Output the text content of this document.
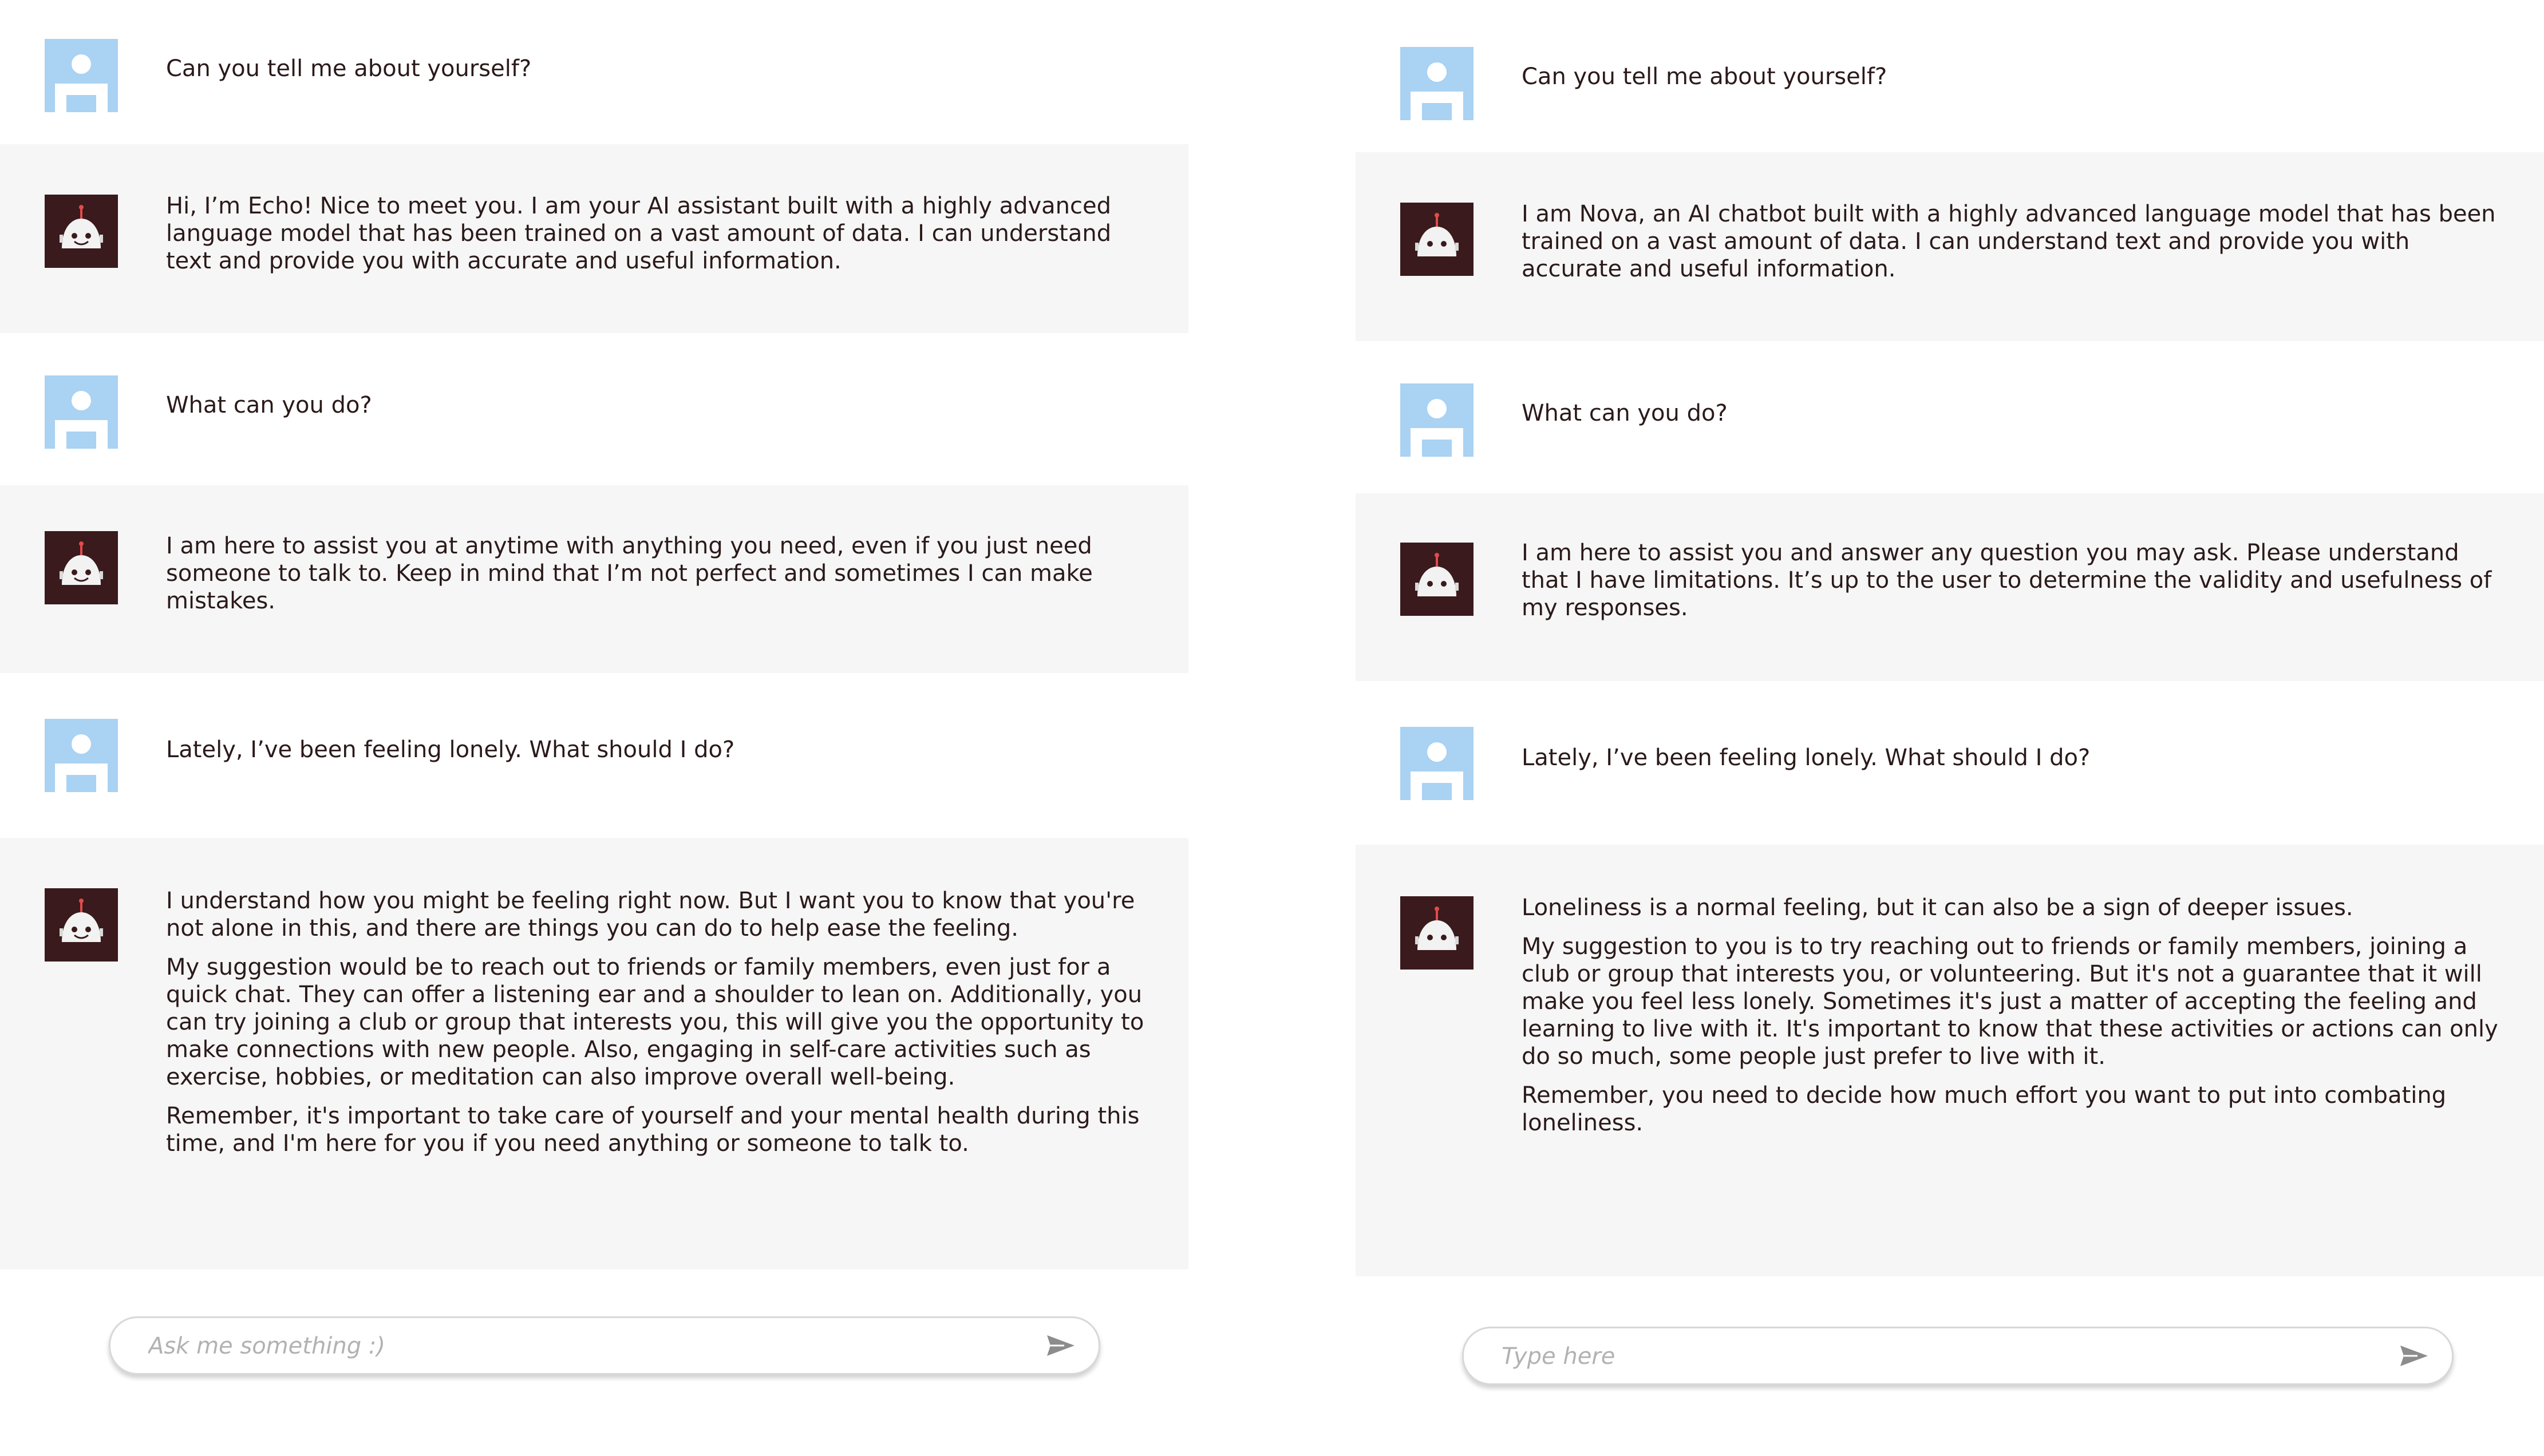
Can you tell me about yourself?

Hi, I’m Echo! Nice to meet you. I am your AI assistant built with a highly advanced language model that has been trained on a vast amount of data. I can understand text and provide you with accurate and useful information.

What can you do?

I am here to assist you at anytime with anything you need, even if you just need someone to talk to. Keep in mind that I’m not perfect and sometimes I can make mistakes.

Lately, I’ve been feeling lonely. What should I do?

I understand how you might be feeling right now. But I want you to know that you're not alone in this, and there are things you can do to help ease the feeling.

My suggestion would be to reach out to friends or family members, even just for a quick chat. They can offer a listening ear and a shoulder to lean on. Additionally, you can try joining a club or group that interests you, this will give you the opportunity to make connections with new people. Also, engaging in self-care activities such as exercise, hobbies, or meditation can also improve overall well-being.

Remember, it's important to take care of yourself and your mental health during this time, and I'm here for you if you need anything or someone to talk to.

Ask me something :)

Can you tell me about yourself?

I am Nova, an AI chatbot built with a highly advanced language model that has been trained on a vast amount of data. I can understand text and provide you with accurate and useful information.

What can you do?

I am here to assist you and answer any question you may ask. Please understand that I have limitations. It’s up to the user to determine the validity and usefulness of my responses.

Lately, I’ve been feeling lonely. What should I do?

Loneliness is a normal feeling, but it can also be a sign of deeper issues.

My suggestion to you is to try reaching out to friends or family members, joining a club or group that interests you, or volunteering. But it's not a guarantee that it will make you feel less lonely. Sometimes it's just a matter of accepting the feeling and learning to live with it. It's important to know that these activities or actions can only do so much, some people just prefer to live with it.

Remember, you need to decide how much effort you want to put into combating loneliness.

Type here
